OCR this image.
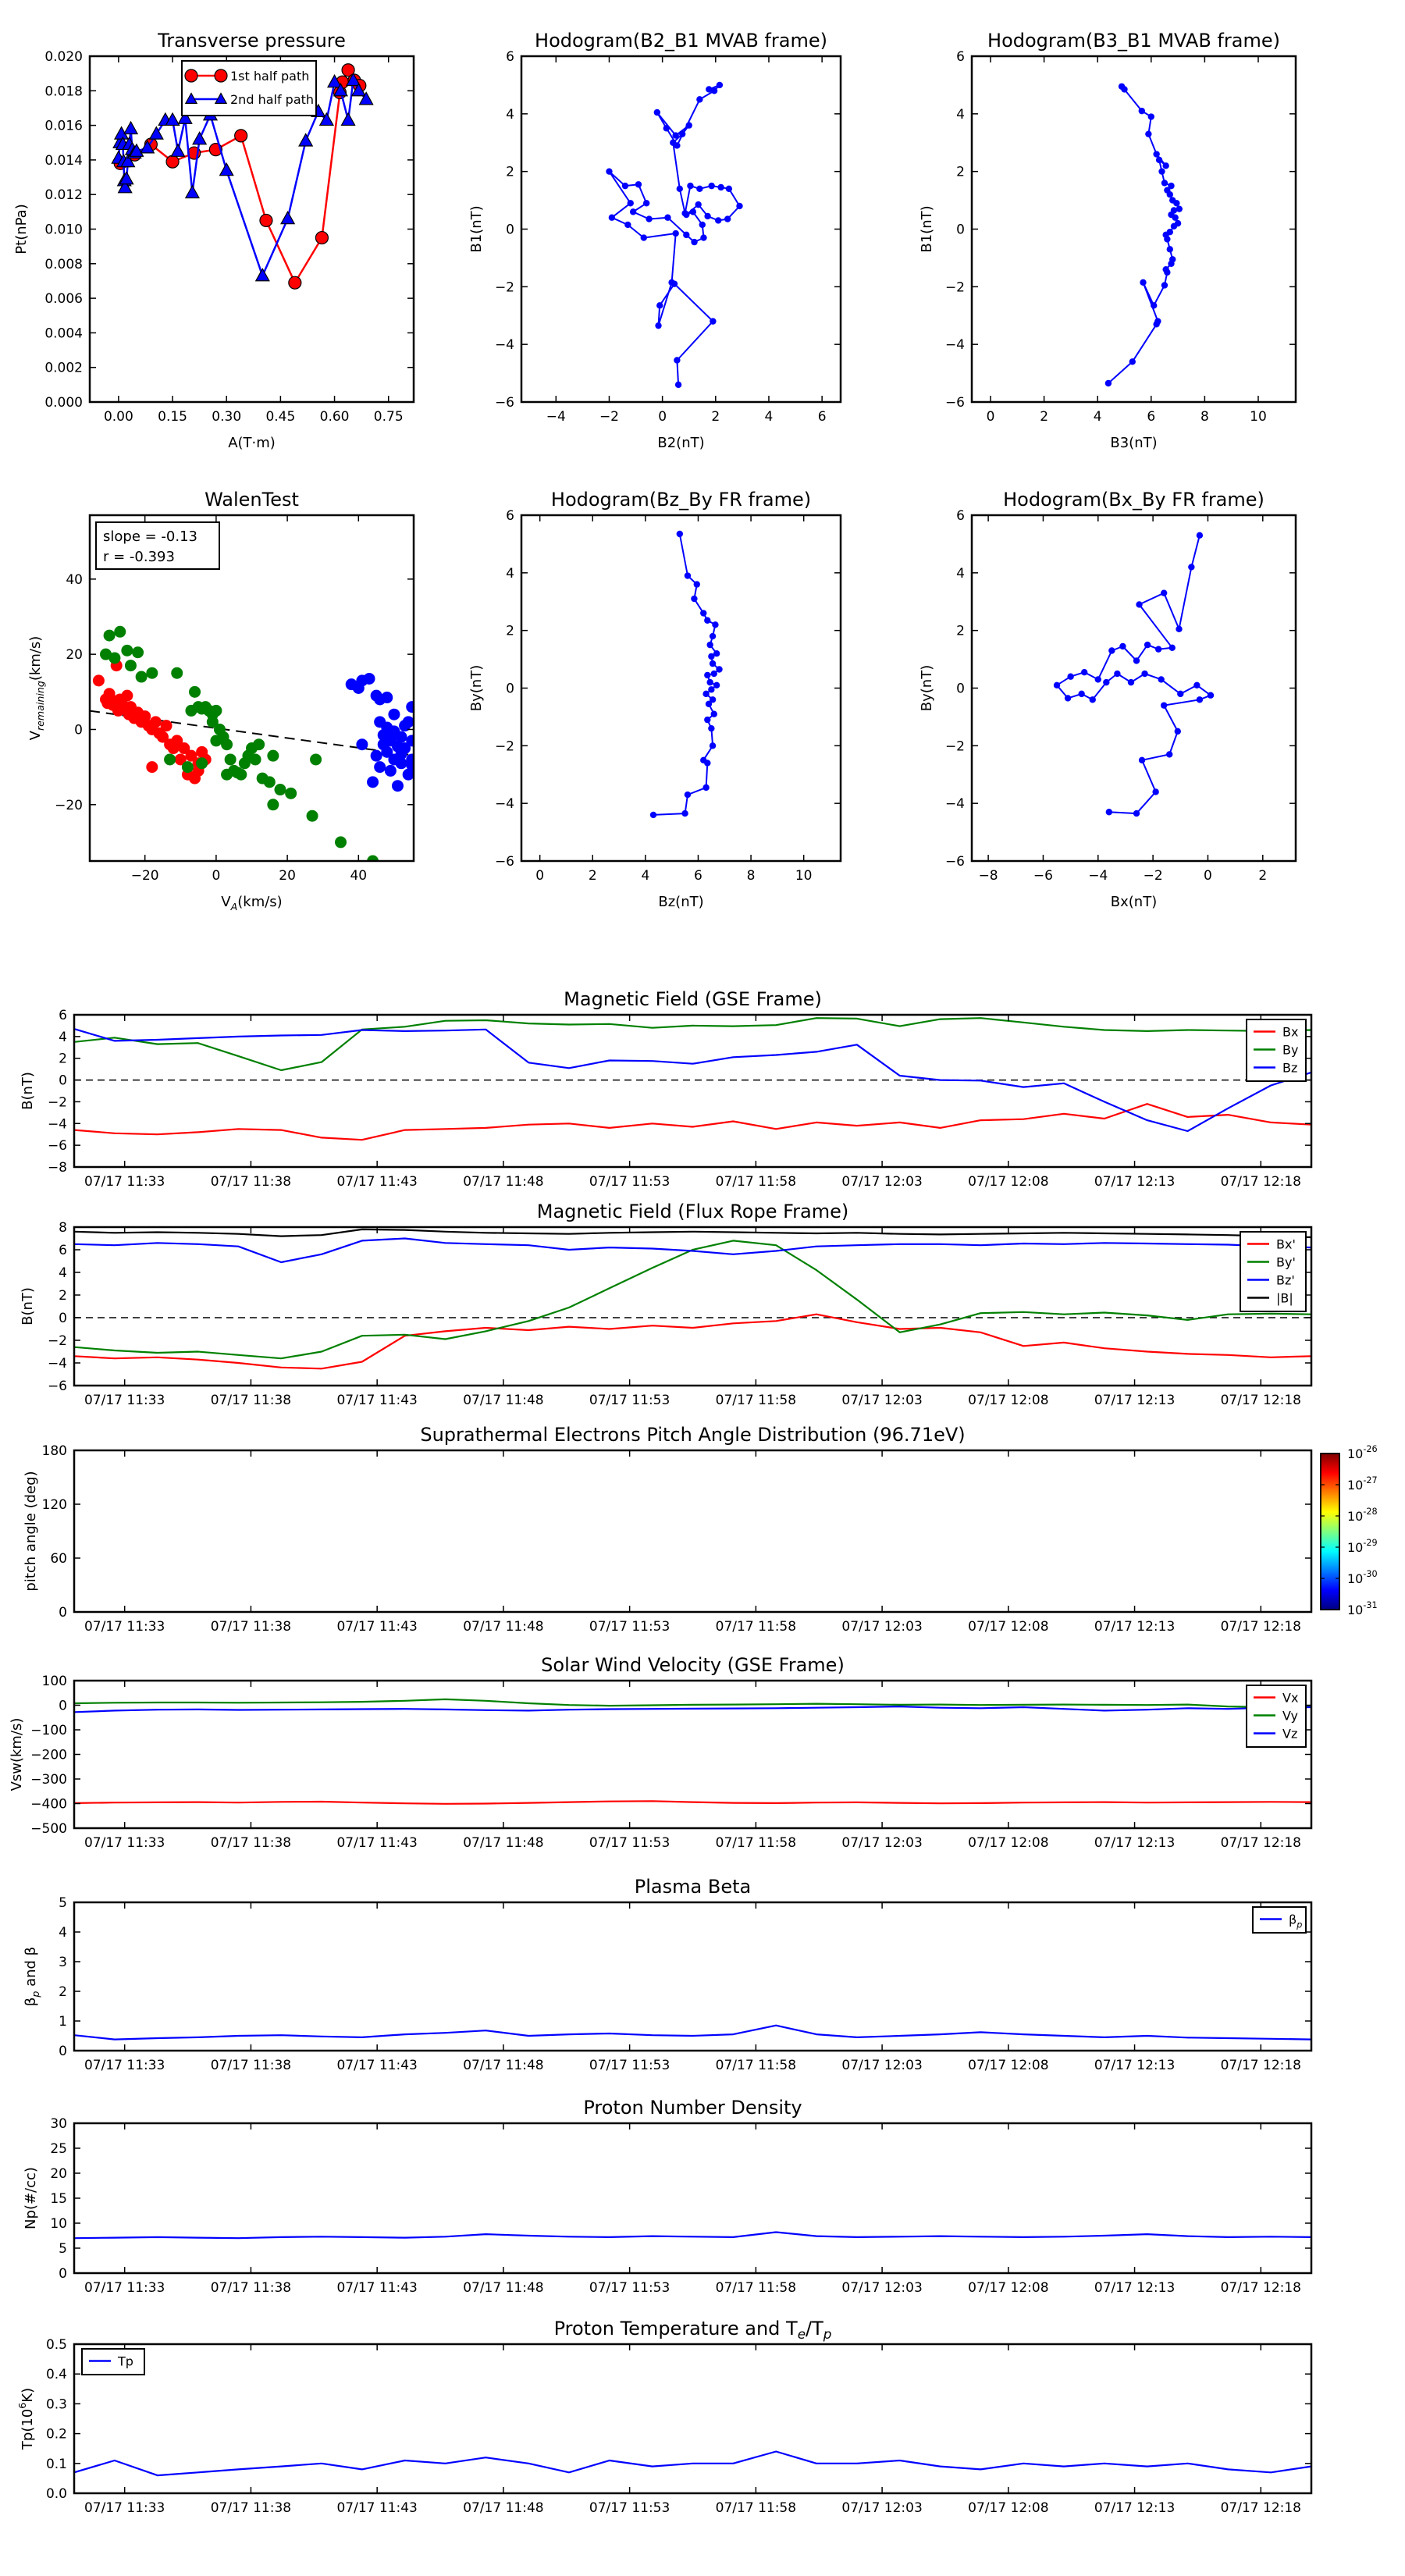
0.00 0.15 0.30 0.45 0.60 0.75
0.000
0.002
0.004
0.006
0.008
0.010
0.012
0.014
0.016
0.018
0.020
Transverse pressure
A(T·m)
Pt(nPa)
1st half path
2nd half path
−4	−2	0	2	4	6
−6
−4
−2
0
2
4
6
Hodogram(B2_B1 MVAB frame)
B2(nT)
B1(nT)
0	2	4	6	8	10
−6
−4
−2
0
2
4
6
Hodogram(B3_B1 MVAB frame)
B3(nT)
B1(nT)
−20	0	20	40
−20
0
20
40
WalenTest
$V_A(km/s)$
$V_{remaining}(km/s)$
slope = -0.13
r = -0.393
0	2	4	6	8	10
−6
−4
−2
0
2
4
6
Hodogram(Bz_By FR frame)
Bz(nT)
By(nT)
−8	−6	−4	−2	0	2
−6
−4
−2
0
2
4
6
Hodogram(Bx_By FR frame)
Bx(nT)
By(nT)
07/17 11:33	07/17 11:38	07/17 11:43	07/17 11:48	07/17 11:53	07/17 11:58	07/17 12:03	07/17 12:08	07/17 12:13	07/17 12:18
−8
−6
−4
−2
0
2
4
6
Magnetic Field (GSE Frame)
B(nT)
Bx
By
Bz
07/17 11:33	07/17 11:38	07/17 11:43	07/17 11:48	07/17 11:53	07/17 11:58	07/17 12:03	07/17 12:08	07/17 12:13	07/17 12:18
−6
−4
−2
0
2
4
6
8
Magnetic Field (Flux Rope Frame)
B(nT)
Bx'
By'
Bz'
|B|
07/17 11:33	07/17 11:38	07/17 11:43	07/17 11:48	07/17 11:53	07/17 11:58	07/17 12:03	07/17 12:08	07/17 12:13	07/17 12:18
0
60
120
180
Suprathermal Electrons Pitch Angle Distribution (96.71eV)
pitch angle (deg)
$10^{-26}$
$10^{-27}$
$10^{-28}$
$10^{-29}$
$10^{-30}$
$10^{-31}$
07/17 11:33	07/17 11:38	07/17 11:43	07/17 11:48	07/17 11:53	07/17 11:58	07/17 12:03	07/17 12:08	07/17 12:13	07/17 12:18
−500
−400
−300
−200
−100
0
100
Solar Wind Velocity (GSE Frame)
Vsw(km/s)
Vx
Vy
Vz
07/17 11:33	07/17 11:38	07/17 11:43	07/17 11:48	07/17 11:53	07/17 11:58	07/17 12:03	07/17 12:08	07/17 12:13	07/17 12:18
0
1
2
3
4
5
Plasma Beta
$\beta_p$ and β
$\beta_p$
07/17 11:33	07/17 11:38	07/17 11:43	07/17 11:48	07/17 11:53	07/17 11:58	07/17 12:03	07/17 12:08	07/17 12:13	07/17 12:18
0
5
10
15
20
25
30
Proton Number Density
Np(#/cc)
07/17 11:33	07/17 11:38	07/17 11:43	07/17 11:48	07/17 11:53	07/17 11:58	07/17 12:03	07/17 12:08	07/17 12:13	07/17 12:18
0.0
0.1
0.2
0.3
0.4
0.5
Proton Temperature and $T_e/T_p$
$Tp(10^6K)$
Tp
